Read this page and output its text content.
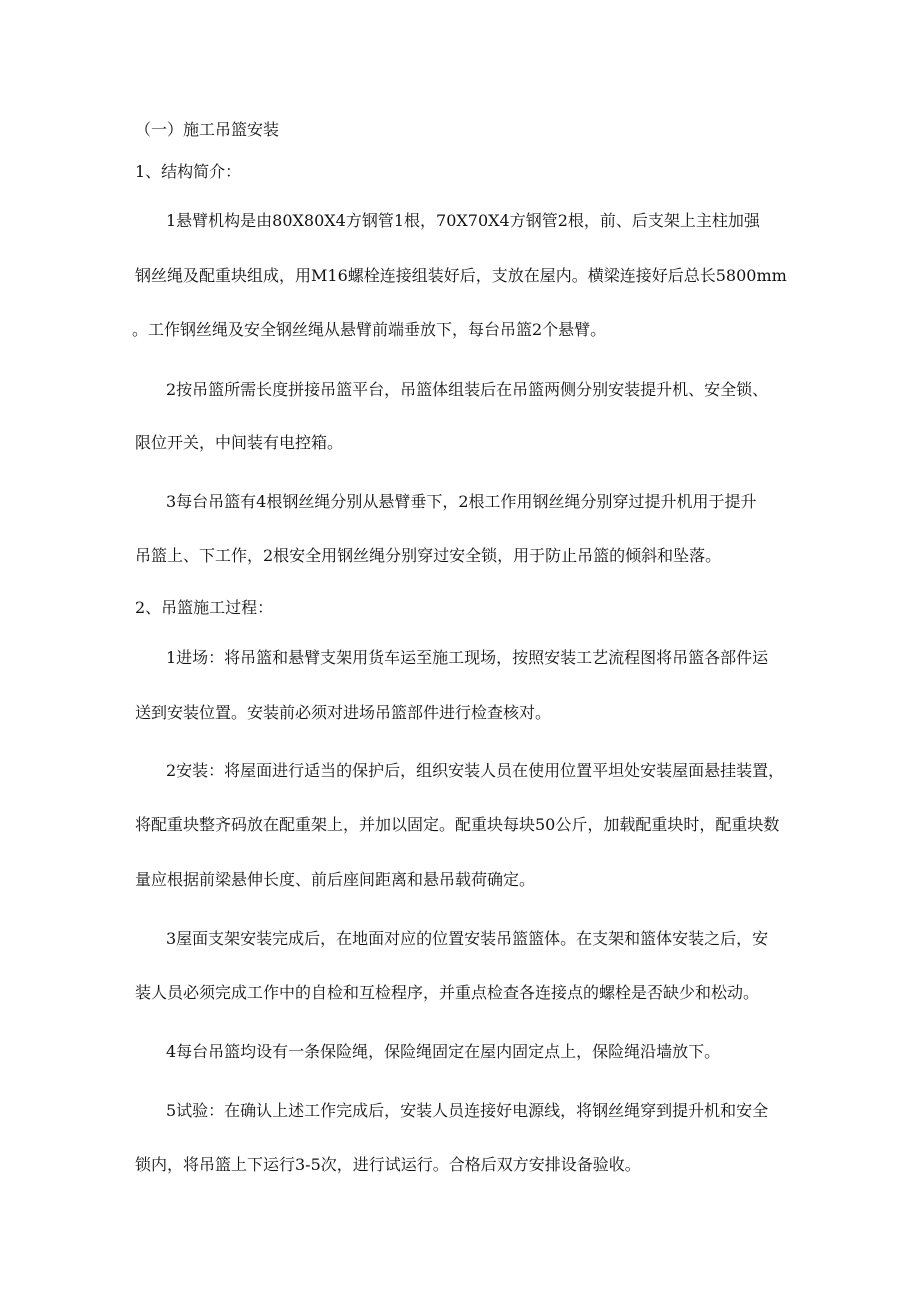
（一）施工吊篮安装
1、结构简介：
1悬臂机构是由80X80X4方钢管1根，70X70X4方钢管2根，前、后支架上主柱加强
钢丝绳及配重块组成，用M16螺栓连接组装好后，支放在屋内。横梁连接好后总长5800mm
。工作钢丝绳及安全钢丝绳从悬臂前端垂放下，每台吊篮2个悬臂。
2按吊篮所需长度拼接吊篮平台，吊篮体组装后在吊篮两侧分别安装提升机、安全锁、
限位开关，中间装有电控箱。
3每台吊篮有4根钢丝绳分别从悬臂垂下，2根工作用钢丝绳分别穿过提升机用于提升
吊篮上、下工作，2根安全用钢丝绳分别穿过安全锁，用于防止吊篮的倾斜和坠落。
2、吊篮施工过程：
1进场：将吊篮和悬臂支架用货车运至施工现场，按照安装工艺流程图将吊篮各部件运
送到安装位置。安装前必须对进场吊篮部件进行检查核对。
2安装：将屋面进行适当的保护后，组织安装人员在使用位置平坦处安装屋面悬挂装置，
将配重块整齐码放在配重架上，并加以固定。配重块每块50公斤，加载配重块时，配重块数
量应根据前梁悬伸长度、前后座间距离和悬吊载荷确定。
3屋面支架安装完成后，在地面对应的位置安装吊篮篮体。在支架和篮体安装之后，安
装人员必须完成工作中的自检和互检程序，并重点检查各连接点的螺栓是否缺少和松动。
4每台吊篮均设有一条保险绳，保险绳固定在屋内固定点上，保险绳沿墙放下。
5试验：在确认上述工作完成后，安装人员连接好电源线，将钢丝绳穿到提升机和安全
锁内，将吊篮上下运行3-5次，进行试运行。合格后双方安排设备验收。
